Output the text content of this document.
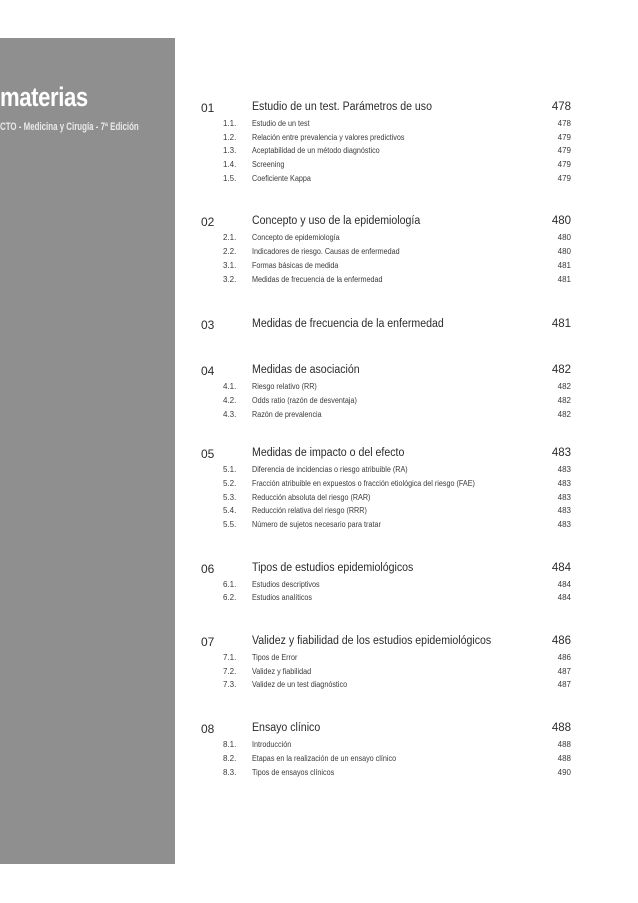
materias
CTO - Medicina y Cirugía - 7ª Edición
01	Estudio de un test. Parámetros de uso	478
1.1. Estudio de un test	478
1.2. Relación entre prevalencia y valores predictivos	479
1.3. Aceptabilidad de un método diagnóstico	479
1.4. Screening	479
1.5. Coeficiente Kappa	479
02	Concepto y uso de la epidemiología	480
2.1. Concepto de epidemiología	480
2.2. Indicadores de riesgo. Causas de enfermedad	480
3.1. Formas básicas de medida	481
3.2. Medidas de frecuencia de la enfermedad	481
03	Medidas de frecuencia de la enfermedad	481
04	Medidas de asociación	482
4.1. Riesgo relativo (RR)	482
4.2. Odds ratio (razón de desventaja)	482
4.3. Razón de prevalencia	482
05	Medidas de impacto o del efecto	483
5.1. Diferencia de incidencias o riesgo atribuible (RA)	483
5.2. Fracción atribuible en expuestos o fracción etiológica del riesgo (FAE)	483
5.3. Reducción absoluta del riesgo (RAR)	483
5.4. Reducción relativa del riesgo (RRR)	483
5.5. Número de sujetos necesario para tratar	483
06	Tipos de estudios epidemiológicos	484
6.1. Estudios descriptivos	484
6.2. Estudios analíticos	484
07	Validez y fiabilidad de los estudios epidemiológicos	486
7.1. Tipos de Error	486
7.2. Validez y fiabilidad	487
7.3. Validez de un test diagnóstico	487
08	Ensayo clínico	488
8.1. Introducción	488
8.2. Etapas en la realización de un ensayo clínico	488
8.3. Tipos de ensayos clínicos	490
